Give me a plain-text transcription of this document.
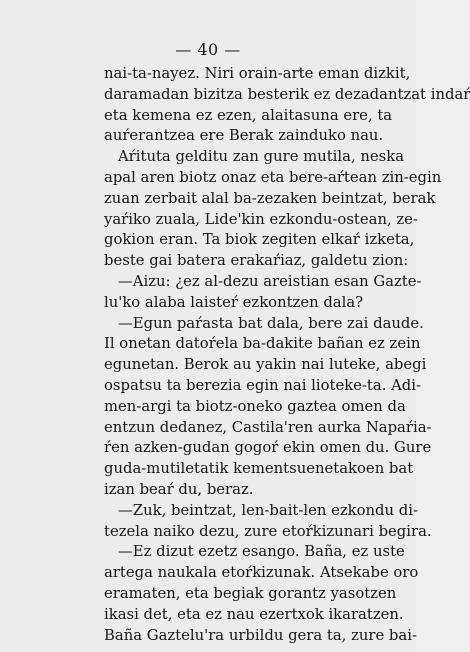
— 40 —
nai-ta-nayez. Niri orain-arte eman dizkit,
daramadan bizitza besterik ez dezadantzat indaŕ
eta kemena ez ezen, alaitasuna ere, ta
auŕerantzea ere Berak zainduko nau.
Aŕituta gelditu zan gure mutila, neska
apal aren biotz onaz eta bere-aŕtean zin-egin
zuan zerbait alal ba-zezaken beintzat, berak
yaŕiko zuala, Lide'kin ezkondu-ostean, ze-
gokion eran. Ta biok zegiten elkaŕ izketa,
beste gai batera erakaŕiaz, galdetu zion:
—Aizu: ¿ez al-dezu areistian esan Gazte-
lu'ko alaba laisteŕ ezkontzen dala?
—Egun paŕasta bat dala, bere zai daude.
Il onetan datoŕela ba-dakite bañan ez zein
egunetan. Berok au yakin nai luteke, abegi
ospatsu ta berezia egin nai lioteke-ta. Adi-
men-argi ta biotz-oneko gaztea omen da
entzun dedanez, Castila'ren aurka Napaŕia-
ŕen azken-gudan gogoŕ ekin omen du. Gure
guda-mutiletatik kementsuenetakoen bat
izan beaŕ du, beraz.
—Zuk, beintzat, len-bait-len ezkondu di-
tezela naiko dezu, zure etoŕkizunari begira.
—Ez dizut ezetz esango. Baña, ez uste
artega naukala etoŕkizunak. Atsekabe oro
eramaten, eta begiak gorantz yasotzen
ikasi det, eta ez nau ezertxok ikaratzen.
Baña Gaztelu'ra urbildu gera ta, zure bai-
